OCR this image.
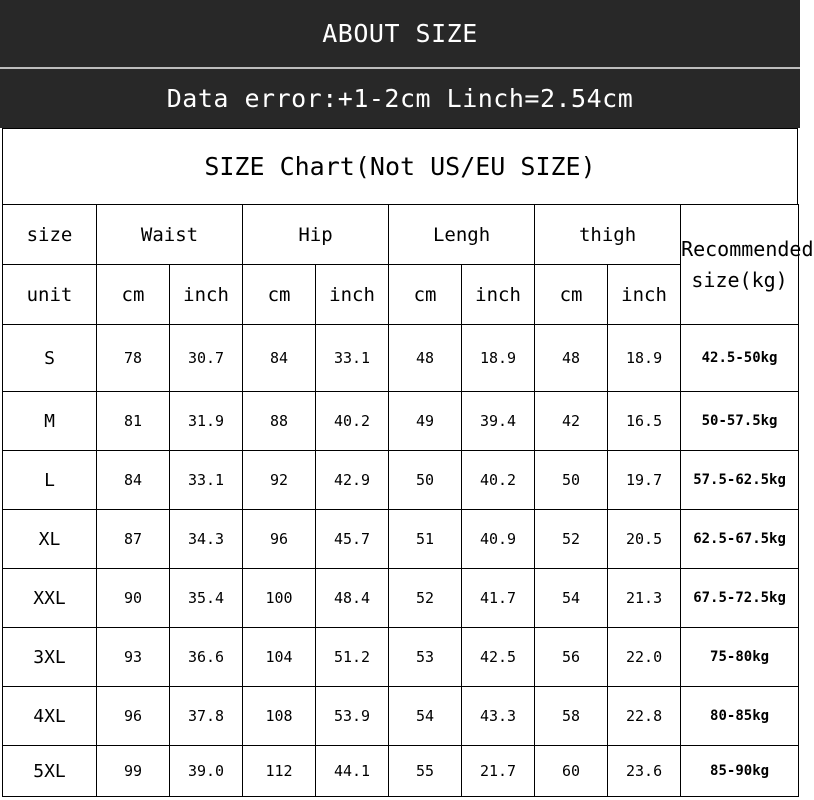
ABOUT SIZE
Data error:+1-2cm Linch=2.54cm
SIZE Chart(Not US/EU SIZE)
size	Waist		Hip		Lengh		thigh		Recommended size(kg)
unit	cm	inch	cm	inch	cm	inch	cm	inch	
S	78	30.7	84	33.1	48	18.9	48	18.9	42.5-50kg
M	81	31.9	88	40.2	49	39.4	42	16.5	50-57.5kg
L	84	33.1	92	42.9	50	40.2	50	19.7	57.5-62.5kg
XL	87	34.3	96	45.7	51	40.9	52	20.5	62.5-67.5kg
XXL	90	35.4	100	48.4	52	41.7	54	21.3	67.5-72.5kg
3XL	93	36.6	104	51.2	53	42.5	56	22.0	75-80kg
4XL	96	37.8	108	53.9	54	43.3	58	22.8	80-85kg
5XL	99	39.0	112	44.1	55	21.7	60	23.6	85-90kg
